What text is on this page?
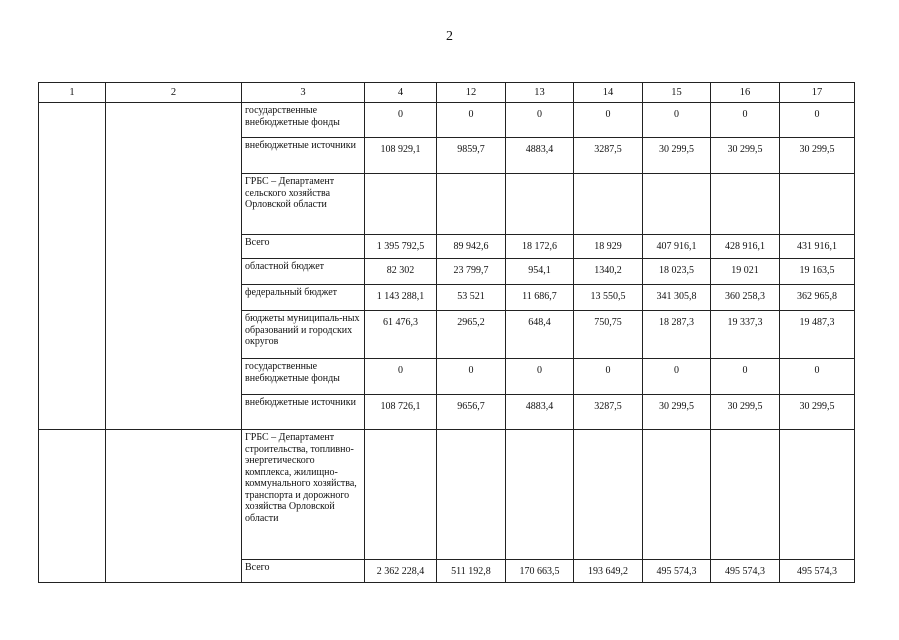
2
1	2	3	4	12	13	14	15	16	17
		государственные внебюджетные фонды	0	0	0	0	0	0	0
		внебюджетные источники	108 929,1	9859,7	4883,4	3287,5	30 299,5	30 299,5	30 299,5
		ГРБС – Департамент сельского хозяйства Орловской области							
		Всего	1 395 792,5	89 942,6	18 172,6	18 929	407 916,1	428 916,1	431 916,1
		областной бюджет	82 302	23 799,7	954,1	1340,2	18 023,5	19 021	19 163,5
		федеральный бюджет	1 143 288,1	53 521	11 686,7	13 550,5	341 305,8	360 258,3	362 965,8
		бюджеты муниципаль-ных образований и городских округов	61 476,3	2965,2	648,4	750,75	18 287,3	19 337,3	19 487,3
		государственные внебюджетные фонды	0	0	0	0	0	0	0
		внебюджетные источники	108 726,1	9656,7	4883,4	3287,5	30 299,5	30 299,5	30 299,5
		ГРБС – Департамент строительства, топливно-энергетического комплекса, жилищно-коммунального хозяйства, транспорта и дорожного хозяйства Орловской области							
		Всего	2 362 228,4	511 192,8	170 663,5	193 649,2	495 574,3	495 574,3	495 574,3
